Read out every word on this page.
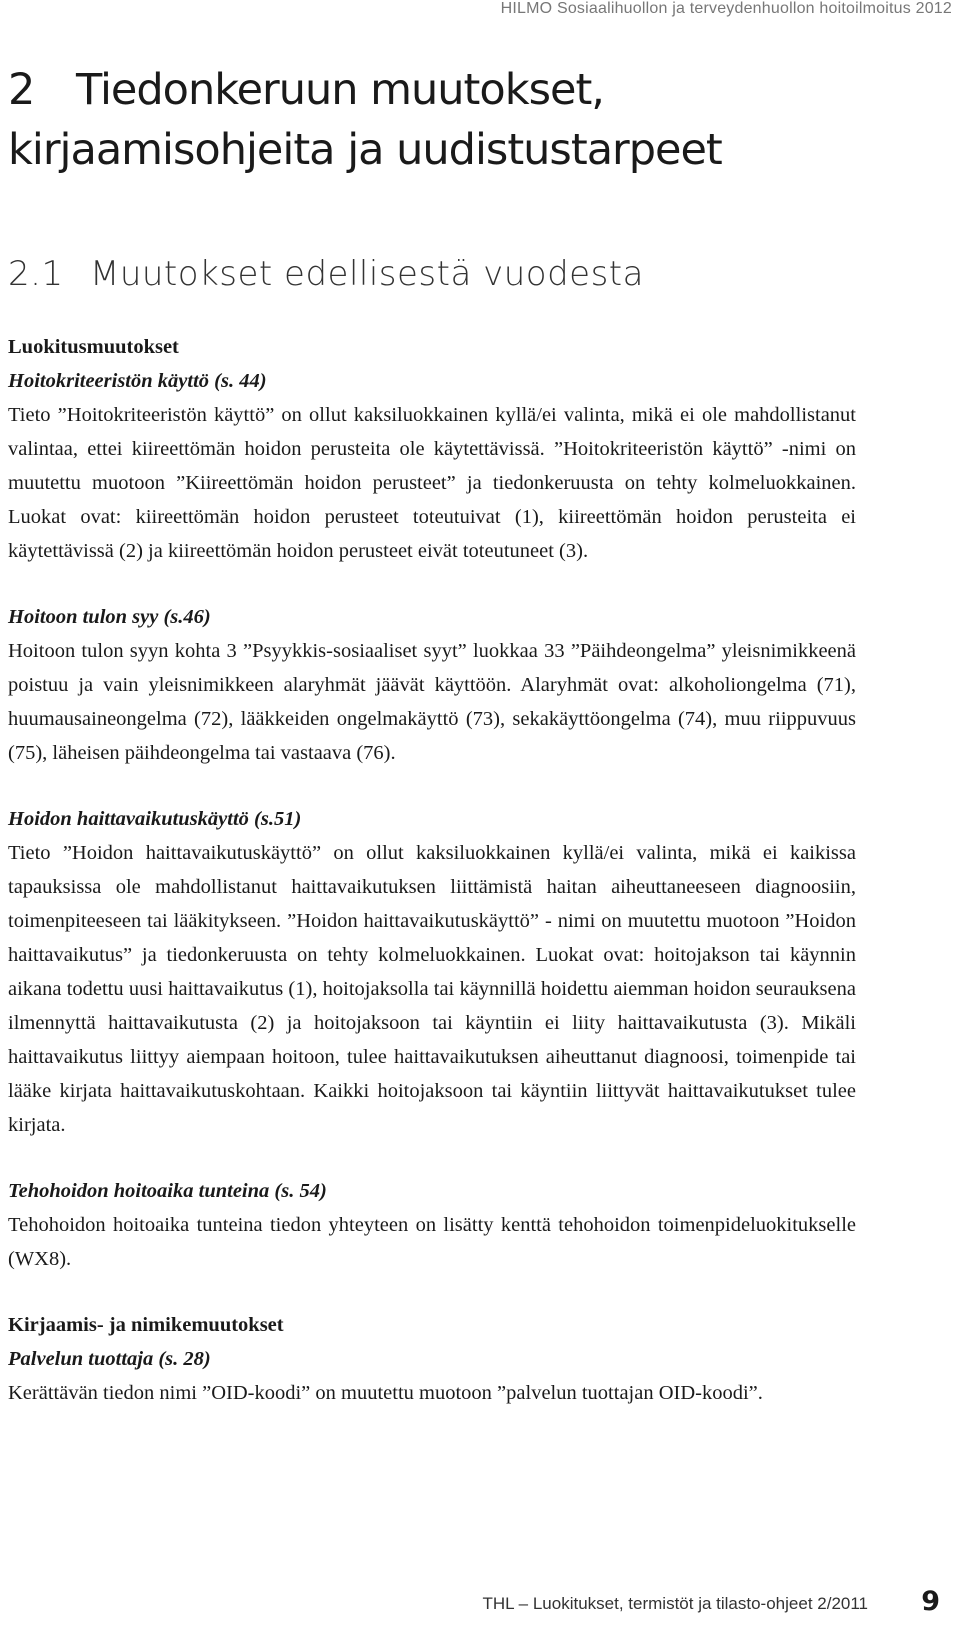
HILMO Sosiaalihuollon ja terveydenhuollon hoitoilmoitus 2012
2 Tiedonkeruun muutokset,
kirjaamisohjeita ja uudistustarpeet
2.1 Muutokset edellisestä vuodesta
Luokitusmuutokset
Hoitokriteeristön käyttö (s. 44)

Tieto ”Hoitokriteeristön käyttö” on ollut kaksiluokkainen kyllä/ei valinta, mikä ei ole mahdollistanut valintaa, ettei kiireettömän hoidon perusteita ole käytettävissä. ”Hoitokriteeristön käyttö” -nimi on muutettu muotoon ”Kiireettömän hoidon perusteet” ja tiedonkeruusta on tehty kolmeluokkainen. Luokat ovat: kiireettömän hoidon perusteet toteutuivat (1), kiireettömän hoidon perusteita ei käytettävissä (2) ja kiireettömän hoidon perusteet eivät toteutuneet (3).

Hoitoon tulon syy (s.46)

Hoitoon tulon syyn kohta 3 ”Psyykkis-sosiaaliset syyt” luokkaa 33 ”Päihdeongelma” yleisnimikkeenä poistuu ja vain yleisnimikkeen alaryhmät jäävät käyttöön. Alaryhmät ovat: alkoholiongelma (71), huumausaineongelma (72), lääkkeiden ongelmakäyttö (73), sekakäyttöongelma (74), muu riippuvuus (75), läheisen päihdeongelma tai vastaava (76).

Hoidon haittavaikutuskäyttö (s.51)

Tieto ”Hoidon haittavaikutuskäyttö” on ollut kaksiluokkainen kyllä/ei valinta, mikä ei kaikissa tapauksissa ole mahdollistanut haittavaikutuksen liittämistä haitan aiheuttaneeseen diagnoosiin, toimenpiteeseen tai lääkitykseen. ”Hoidon haittavaikutuskäyttö” - nimi on muutettu muotoon ”Hoidon haittavaikutus” ja tiedonkeruusta on tehty kolmeluokkainen. Luokat ovat: hoitojakson tai käynnin aikana todettu uusi haittavaikutus (1), hoitojaksolla tai käynnillä hoidettu aiemman hoidon seurauksena ilmennyttä haittavaikutusta (2) ja hoitojaksoon tai käyntiin ei liity haittavaikutusta (3). Mikäli haittavaikutus liittyy aiempaan hoitoon, tulee haittavaikutuksen aiheuttanut diagnoosi, toimenpide tai lääke kirjata haittavaikutuskohtaan. Kaikki hoitojaksoon tai käyntiin liittyvät haittavaikutukset tulee kirjata.

Tehohoidon hoitoaika tunteina (s. 54)

Tehohoidon hoitoaika tunteina tiedon yhteyteen on lisätty kenttä tehohoidon toimenpideluokitukselle (WX8).

Kirjaamis- ja nimikemuutokset
Palvelun tuottaja (s. 28)

Kerättävän tiedon nimi ”OID-koodi” on muutettu muotoon ”palvelun tuottajan OID-koodi”.

THL – Luokitukset, termistöt ja tilasto-ohjeet 2/2011 9
